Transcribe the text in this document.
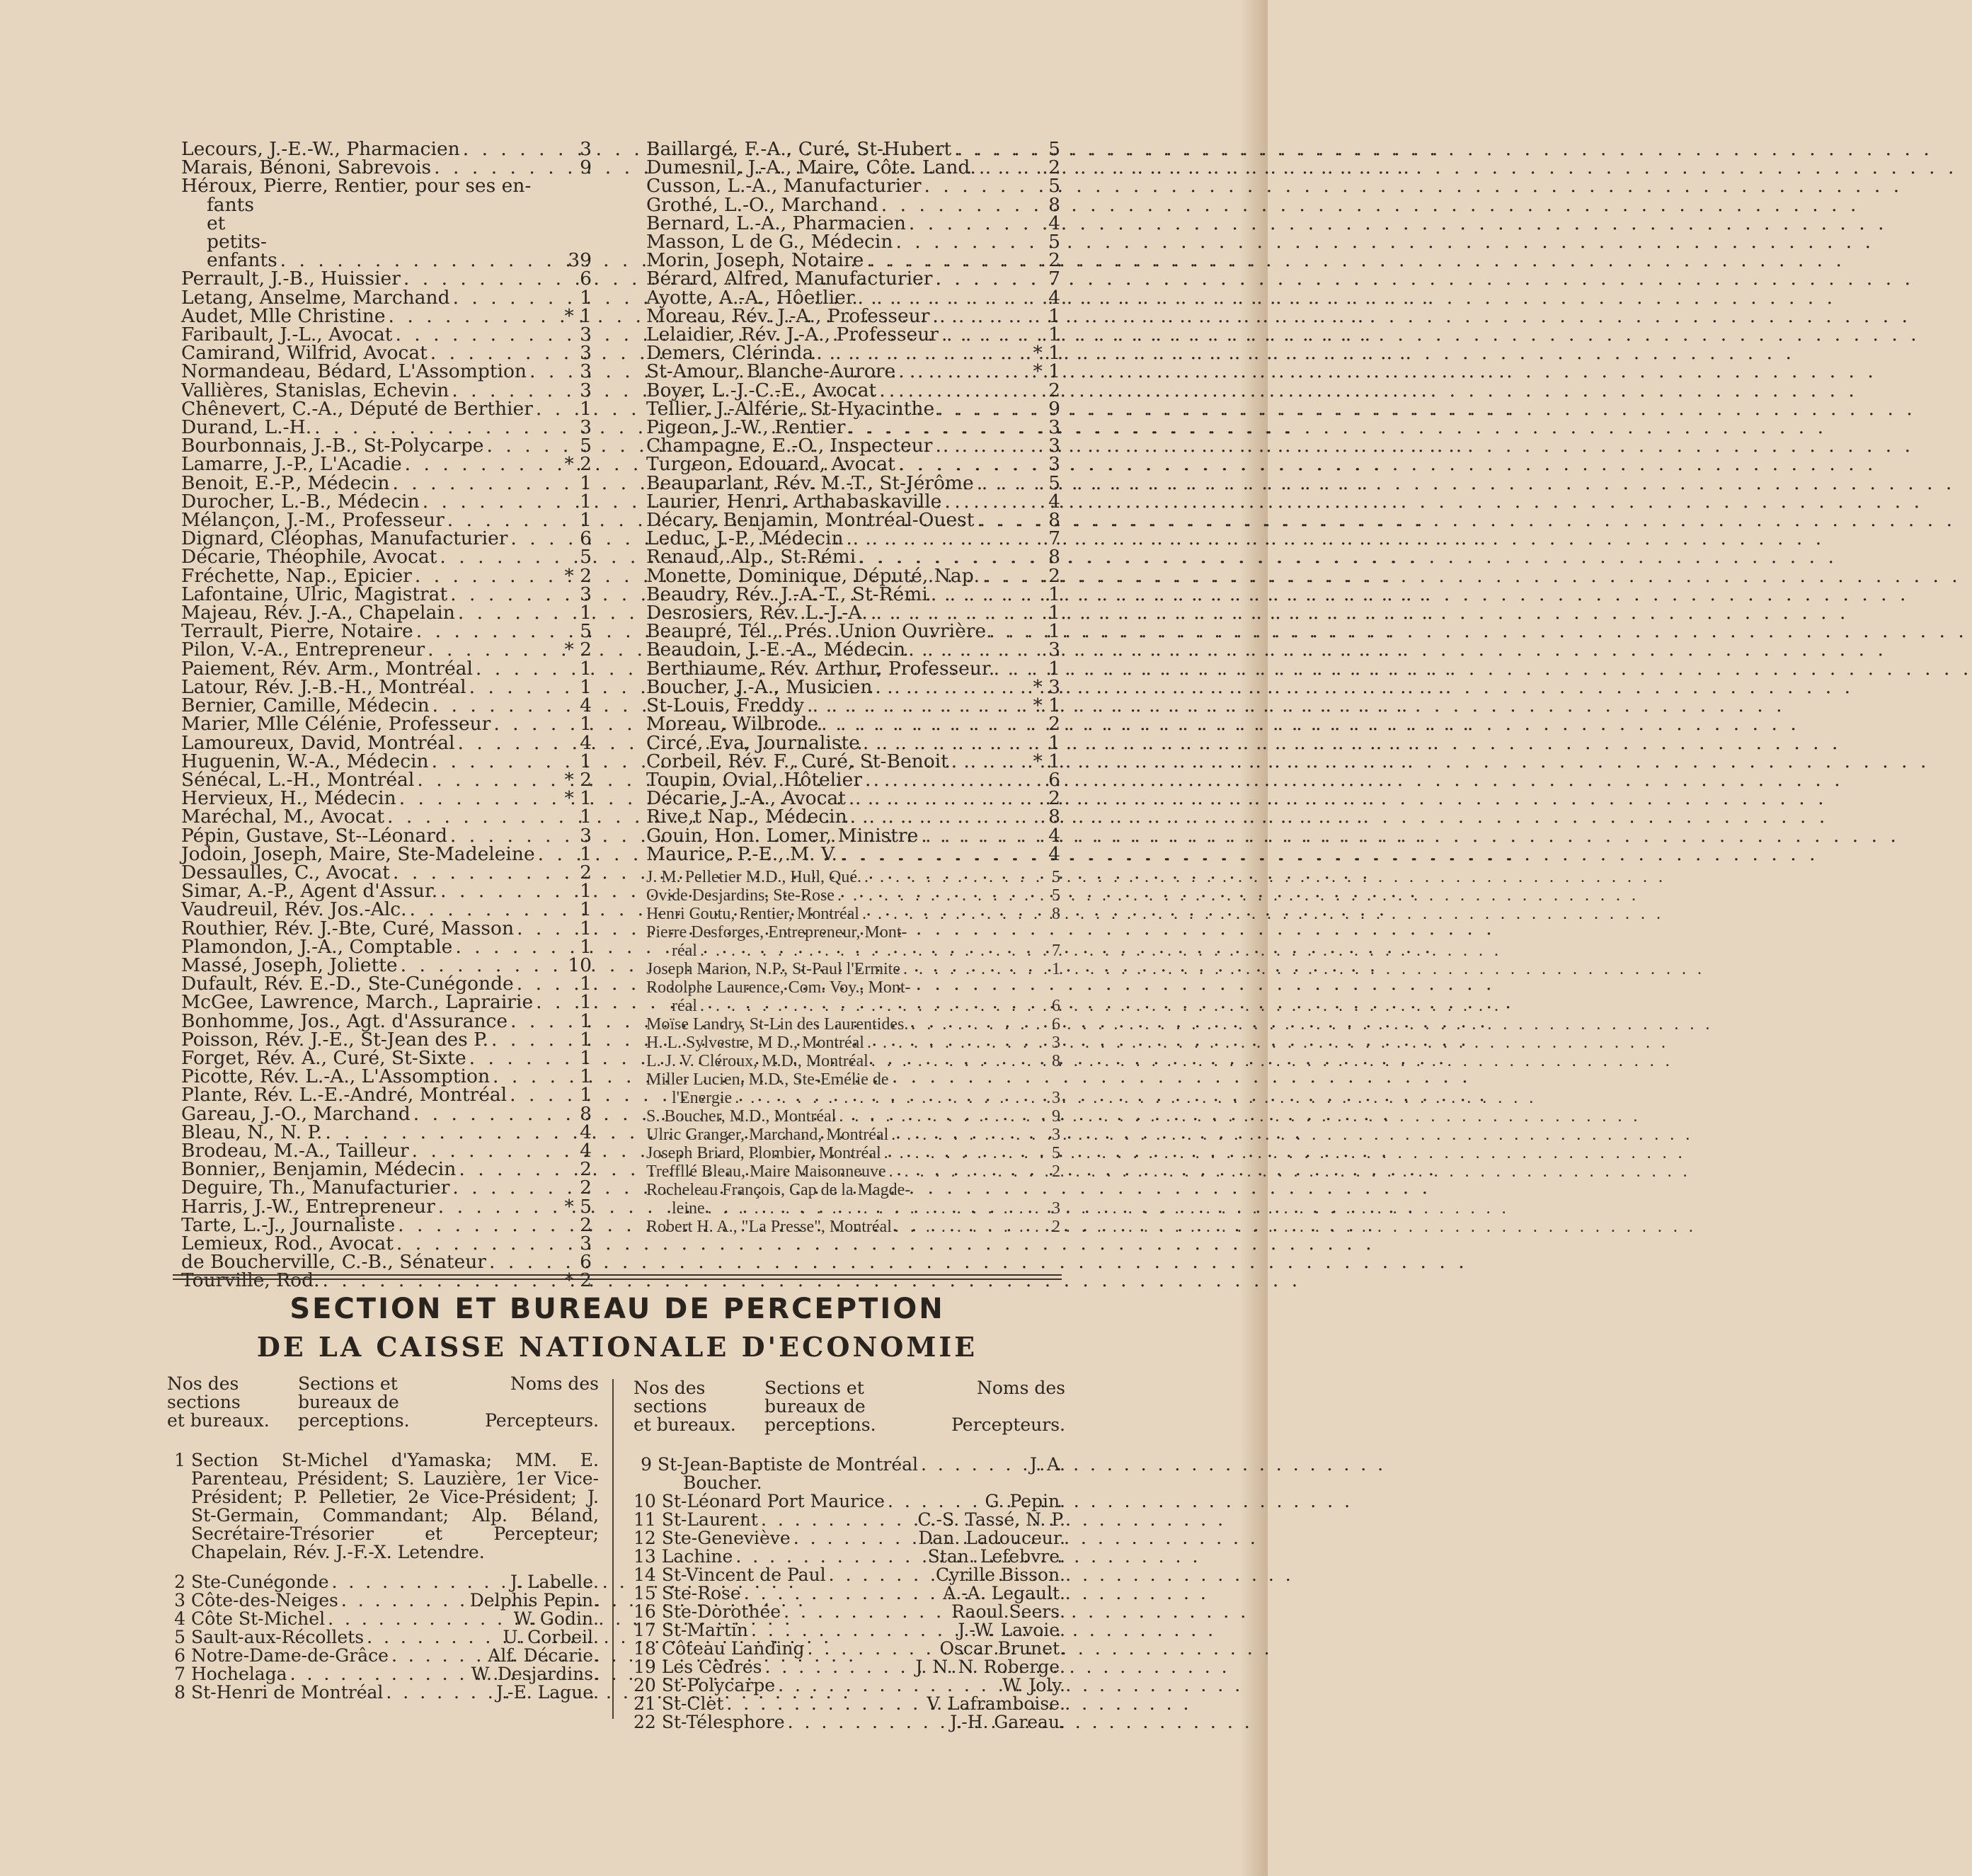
Lecours, J.-E.-W., Pharmacien . . .	3
Marais, Bénoni, Sabrevois . . .	9
Héroux, Pierre, Rentier, pour ses en-
fants et petits-enfants . . .	39
Perrault, J.-B., Huissier . . .	6
Letang, Anselme, Marchand . . .	1
Audet, Mlle Christine . . .	* 1
Faribault, J.-L., Avocat . . .	3
Camirand, Wilfrid, Avocat . . .	3
Normandeau, Bédard, L'Assomption . . .	3
Vallières, Stanislas, Echevin . . .	3
Chênevert, C.-A., Député de Berthier . . .	1
Durand, L.-H. . . .	3
Bourbonnais, J.-B., St-Polycarpe . . .	5
Lamarre, J.-P., L'Acadie . . .	* 2
Benoit, E.-P., Médecin . . .	1
Durocher, L.-B., Médecin . . .	1
Mélançon, J.-M., Professeur . . .	1
Dignard, Cléophas, Manufacturier . . .	6
Décarie, Théophile, Avocat . . .	5
Fréchette, Nap., Epicier . . .	* 2
Lafontaine, Ulric, Magistrat . . .	3
Majeau, Rév. J.-A., Chapelain . . .	1
Terrault, Pierre, Notaire . . .	5
Pilon, V.-A., Entrepreneur . . .	* 2
Paiement, Rév. Arm., Montréal . . .	1
Latour, Rév. J.-B.-H., Montréal . . .	1
Bernier, Camille, Médecin . . .	4
Marier, Mlle Célénie, Professeur . . .	1
Lamoureux, David, Montréal . . .	4
Huguenin, W.-A., Médecin . . .	1
Sénécal, L.-H., Montréal . . .	* 2
Hervieux, H., Médecin . . .	* 1
Maréchal, M., Avocat . . .	1
Pépin, Gustave, St--Léonard . . .	3
Jodoin, Joseph, Maire, Ste-Madeleine . . .	1
Dessaulles, C., Avocat . . .	2
Simar, A.-P., Agent d'Assur. . . .	1
Vaudreuil, Rév. Jos.-Alc. . . .	1
Routhier, Rév. J.-Bte, Curé, Masson . . .	1
Plamondon, J.-A., Comptable . . .	1
Massé, Joseph, Joliette . . .	10
Dufault, Rév. E.-D., Ste-Cunégonde . . .	1
McGee, Lawrence, March., Laprairie . . .	1
Bonhomme, Jos., Agt. d'Assurance . . .	1
Poisson, Rév. J.-E., St-Jean des P. . . .	1
Forget, Rév. A., Curé, St-Sixte . . .	1
Picotte, Rév. L.-A., L'Assomption . . .	1
Plante, Rév. L.-E.-André, Montréal . . .	1
Gareau, J.-O., Marchand . . .	8
Bleau, N., N. P. . . .	4
Brodeau, M.-A., Tailleur . . .	4
Bonnier,, Benjamin, Médecin . . .	2
Deguire, Th., Manufacturier . . .	2
Harris, J.-W., Entrepreneur . . .	* 5
Tarte, L.-J., Journaliste . . .	2
Lemieux, Rod., Avocat . . .	3
de Boucherville, C.-B., Sénateur . . .	6
Tourville, Rod. . . .	* 2
Baillargé, F.-A., Curé, St-Hubert . . .	5
Dumesnil, J.-A., Maire, Côte. Land. . . .	2
Cusson, L.-A., Manufacturier . . .	5
Grothé, L.-O., Marchand . . .	8
Bernard, L.-A., Pharmacien . . .	4
Masson, L de G., Médecin . . .	5
Morin, Joseph, Notaire . . .	2
Bérard, Alfred, Manufacturier . . .	7
Ayotte, A.-A., Hôetlier . . .	4
Moreau, Rév. J.-A., Professeur . . .	1
Lelaidier, Rév. J.-A., Professeur . . .	1
Demers, Clérinda . . .	* 1
St-Amour, Blanche-Aurore . . .	* 1
Boyer, L.-J.-C.-E., Avocat . . .	2
Tellier, J.-Alférie, St-Hyacinthe . . .	9
Pigeon, J.-W., Rentier . . .	3
Champagne, E.-O., Inspecteur . . .	3
Turgeon, Edouard, Avocat . . .	3
Beauparlant, Rév. M.-T., St-Jérôme . . .	5
Laurier, Henri, Arthabaskaville . . .	4
Décary, Benjamin, Montréal-Ouest . . .	8
Leduc, J.-P., Médecin . . .	7
Renaud, Alp., St-Rémi . . .	8
Monette, Dominique, Député, Nap. . . .	2
Beaudry, Rév. J.-A.-T., St-Rémi . . .	1
Desrosiers, Rév. L.-J.-A. . . .	1
Beaupré, Tél., Prés. Union Ouvrière . . .	1
Beaudoin, J.-E.-A., Médecin . . .	3
Berthiaume, Rév. Arthur, Professeur . . .	1
Boucher, J.-A., Musicien . . .	* 3
St-Louis, Freddy . . .	* 1
Moreau, Wilbrode . . .	2
Circé, Eva, Journaliste . . .	1
Corbeil, Rév. F., Curé, St-Benoit . . .	* 1
Toupin, Ovial, Hôtelier . . .	6
Décarie, J.-A., Avocat . . .	2
Rive,t Nap., Médecin . . .	8
Gouin, Hon. Lomer, Ministre . . .	4
Maurice, P.-E., M. V. . . .	4
J. M. Pelletier M.D., Hull, Qué. . . .	5
Ovide Desjardins, Ste-Rose . . .	5
Henri Coutu, Rentier, Montréal . . .	8
Pierre Desforges, Entrepreneur, Mont-
réal . . .	7
Joseph Marion, N.P., St-Paul l'Ermite . . .	1
Rodolphe Laurence, Com. Voy., Mont-
réal . . .	6
Moïse Landry, St-Lin des Laurentides. . . .	6
H. L. Sylvestre, M D., Montréal . . .	3
L. J. V. Cléroux, M.D., Montréal . . .	8
Miller Lucien, M.D., Ste-Emélie de
l'Energie . . .	3
S. Boucher, M.D., Montréal . . .	9
Ulric Granger, Marchand, Montréal . . .	3
Joseph Briard, Plombier, Montréal . . .	5
Treffllé Bleau, Maire Maisonneuve . . .	2
Rocheleau François, Cap de la Magde-
leine . . .	3
Robert H. A., "La Presse", Montréal . . .	2
SECTION ET BUREAU DE PERCEPTION
DE LA CAISSE NATIONALE D'ECONOMIE
Nos des
sections
et bureaux.
Sections et
bureaux de
perceptions.
Noms des

Percepteurs.
1 Section St-Michel d'Yamaska; MM. E. Parenteau, Président; S. Lauzière, 1er Vice-Président; P. Pelletier, 2e Vice-Président; J. St-Germain, Commandant; Alp. Béland, Secrétaire-Trésorier et Percepteur; Chapelain, Rév. J.-F.-X. Letendre.
2 Ste-Cunégonde . . .	J. Labelle.
3 Côte-des-Neiges . . .	Delphis Pepin.
4 Côte St-Michel . . .	W. Godin.
5 Sault-aux-Récollets . . .	U. Corbeil.
6 Notre-Dame-de-Grâce . . .	Alf. Décarie.
7 Hochelaga . . .	W. Desjardins.
8 St-Henri de Montréal . . .	J.-E. Lague.
Nos des
sections
et bureaux.
Sections et
bureaux de
perceptions.
Noms des

Percepteurs.
9 St-Jean-Baptiste de Montréal . . .	J. A.
Boucher.
10 St-Léonard Port Maurice . . .	G. Pepin.
11 St-Laurent . . .	C.-S. Tassé, N. P.
12 Ste-Geneviève . . .	Dan. Ladouceur.
13 Lachine . . .	Stan. Lefebvre.
14 St-Vincent de Paul . . .	Cyrille Bisson.
15 Ste-Rose . . .	A.-A. Legault.
16 Ste-Dorothée . . .	Raoul Seers.
17 St-Martin . . .	J.-W. Lavoie.
18 Côteau Landing . . .	Oscar Brunet.
19 Les Cèdres . . .	J. N. N. Roberge.
20 St-Polycarpe . . .	W. Joly.
21 St-Clet . . .	V. Laframboise.
22 St-Télesphore . . .	J.-H. Gareau.
